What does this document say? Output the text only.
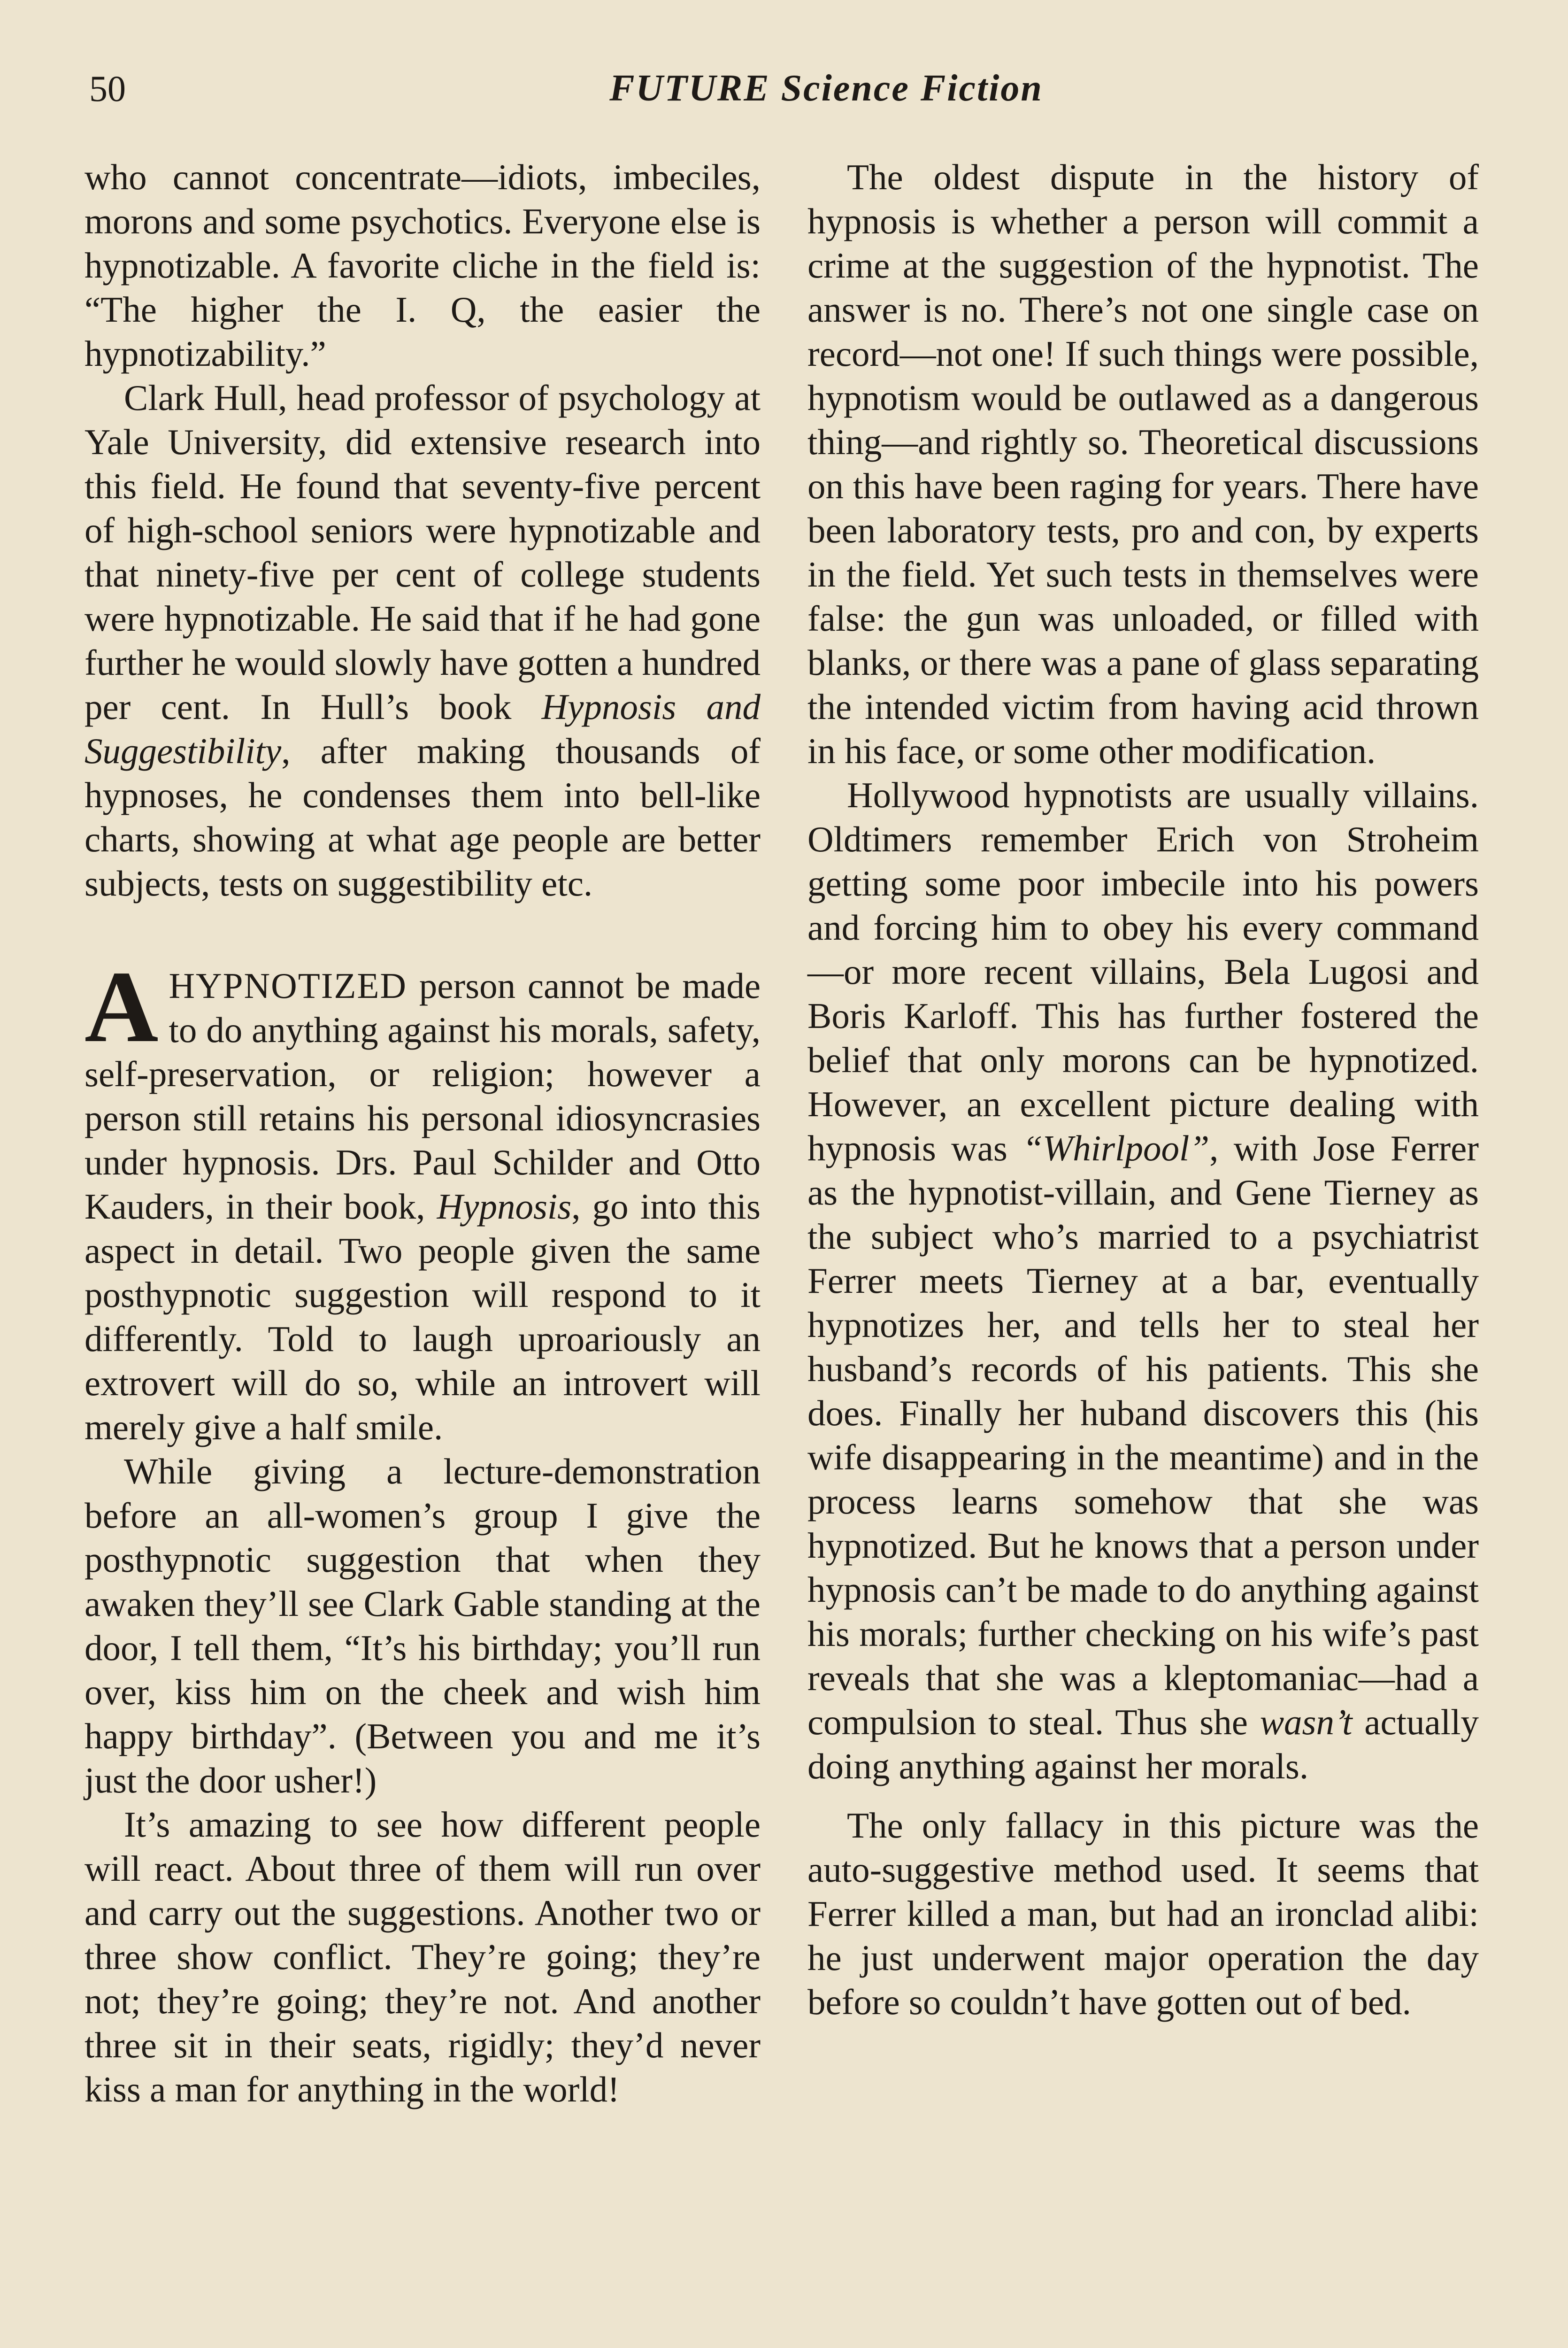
50	FUTURE Science Fiction

who cannot concentrate—idiots, imbeciles, morons and some psychotics. Everyone else is hypnotizable. A favorite cliche in the field is: “The higher the I. Q, the easier the hypnotizability.”

Clark Hull, head professor of psychology at Yale University, did extensive research into this field. He found that seventy-five percent of high-school seniors were hypnotizable and that ninety-five per cent of college students were hypnotizable. He said that if he had gone further he would slowly have gotten a hundred per cent. In Hull’s book Hypnosis and Suggestibility, after making thousands of hypnoses, he condenses them into bell-like charts, showing at what age people are better subjects, tests on suggestibility etc.

AHYPNOTIZED person cannot be made to do anything against his morals, safety, self-preservation, or religion; however a person still retains his personal idiosyncrasies under hypnosis. Drs. Paul Schilder and Otto Kauders, in their book, Hypnosis, go into this aspect in detail. Two people given the same posthypnotic suggestion will respond to it differently. Told to laugh uproariously an extrovert will do so, while an introvert will merely give a half smile.

While giving a lecture-demonstration before an all-women’s group I give the posthypnotic suggestion that when they awaken they’ll see Clark Gable standing at the door, I tell them, “It’s his birthday; you’ll run over, kiss him on the cheek and wish him happy birthday”. (Between you and me it’s just the door usher!)

It’s amazing to see how different people will react. About three of them will run over and carry out the suggestions. Another two or three show conflict. They’re going; they’re not; they’re going; they’re not. And another three sit in their seats, rigidly; they’d never kiss a man for anything in the world!

The oldest dispute in the history of hypnosis is whether a person will commit a crime at the suggestion of the hypnotist. The answer is no. There’s not one single case on record—not one! If such things were possible, hypnotism would be outlawed as a dangerous thing—and rightly so. Theoretical discussions on this have been raging for years. There have been laboratory tests, pro and con, by experts in the field. Yet such tests in themselves were false: the gun was unloaded, or filled with blanks, or there was a pane of glass separating the intended victim from having acid thrown in his face, or some other modification.

Hollywood hypnotists are usually villains. Oldtimers remember Erich von Stroheim getting some poor imbecile into his powers and forcing him to obey his every command—or more recent villains, Bela Lugosi and Boris Karloff. This has further fostered the belief that only morons can be hypnotized. However, an excellent picture dealing with hypnosis was “Whirlpool”, with Jose Ferrer as the hypnotist-villain, and Gene Tierney as the subject who’s married to a psychiatrist Ferrer meets Tierney at a bar, eventually hypnotizes her, and tells her to steal her husband’s records of his patients. This she does. Finally her huband discovers this (his wife disappearing in the meantime) and in the process learns somehow that she was hypnotized. But he knows that a person under hypnosis can’t be made to do anything against his morals; further checking on his wife’s past reveals that she was a kleptomaniac—had a compulsion to steal. Thus she wasn’t actually doing anything against her morals.

The only fallacy in this picture was the auto-suggestive method used. It seems that Ferrer killed a man, but had an ironclad alibi: he just underwent major operation the day before so couldn’t have gotten out of bed.
